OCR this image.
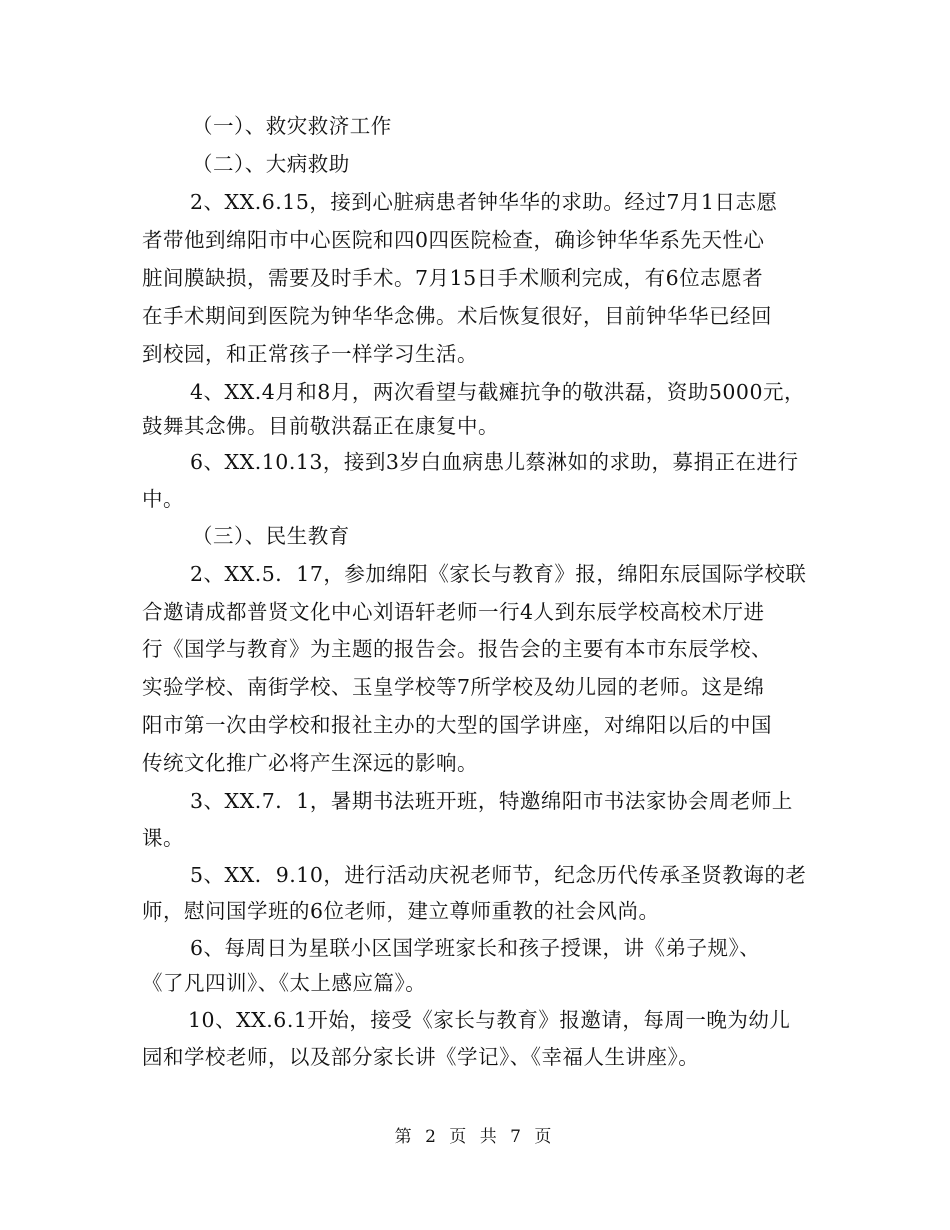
（一）、救灾救济工作
（二）、大病救助
2、XX.6.15，接到心脏病患者钟华华的求助。经过7月1日志愿
者带他到绵阳市中心医院和四0四医院检查，确诊钟华华系先天性心
脏间膜缺损，需要及时手术。7月15日手术顺利完成，有6位志愿者
在手术期间到医院为钟华华念佛。术后恢复很好，目前钟华华已经回
到校园，和正常孩子一样学习生活。
4、XX.4月和8月，两次看望与截瘫抗争的敬洪磊，资助5000元，
鼓舞其念佛。目前敬洪磊正在康复中。
6、XX.10.13，接到3岁白血病患儿蔡淋如的求助，募捐正在进行
中。
（三）、民生教育
2、XX.5．17，参加绵阳《家长与教育》报，绵阳东辰国际学校联
合邀请成都普贤文化中心刘语轩老师一行4人到东辰学校高校术厅进
行《国学与教育》为主题的报告会。报告会的主要有本市东辰学校、
实验学校、南街学校、玉皇学校等7所学校及幼儿园的老师。这是绵
阳市第一次由学校和报社主办的大型的国学讲座，对绵阳以后的中国
传统文化推广必将产生深远的影响。
3、XX.7．1，暑期书法班开班，特邀绵阳市书法家协会周老师上
课。
5、XX．9.10，进行活动庆祝老师节，纪念历代传承圣贤教诲的老
师，慰问国学班的6位老师，建立尊师重教的社会风尚。
6、每周日为星联小区国学班家长和孩子授课，讲《弟子规》、
《了凡四训》、《太上感应篇》。
10、XX.6.1开始，接受《家长与教育》报邀请，每周一晚为幼儿
园和学校老师，以及部分家长讲《学记》、《幸福人生讲座》。
第 2 页 共 7 页
